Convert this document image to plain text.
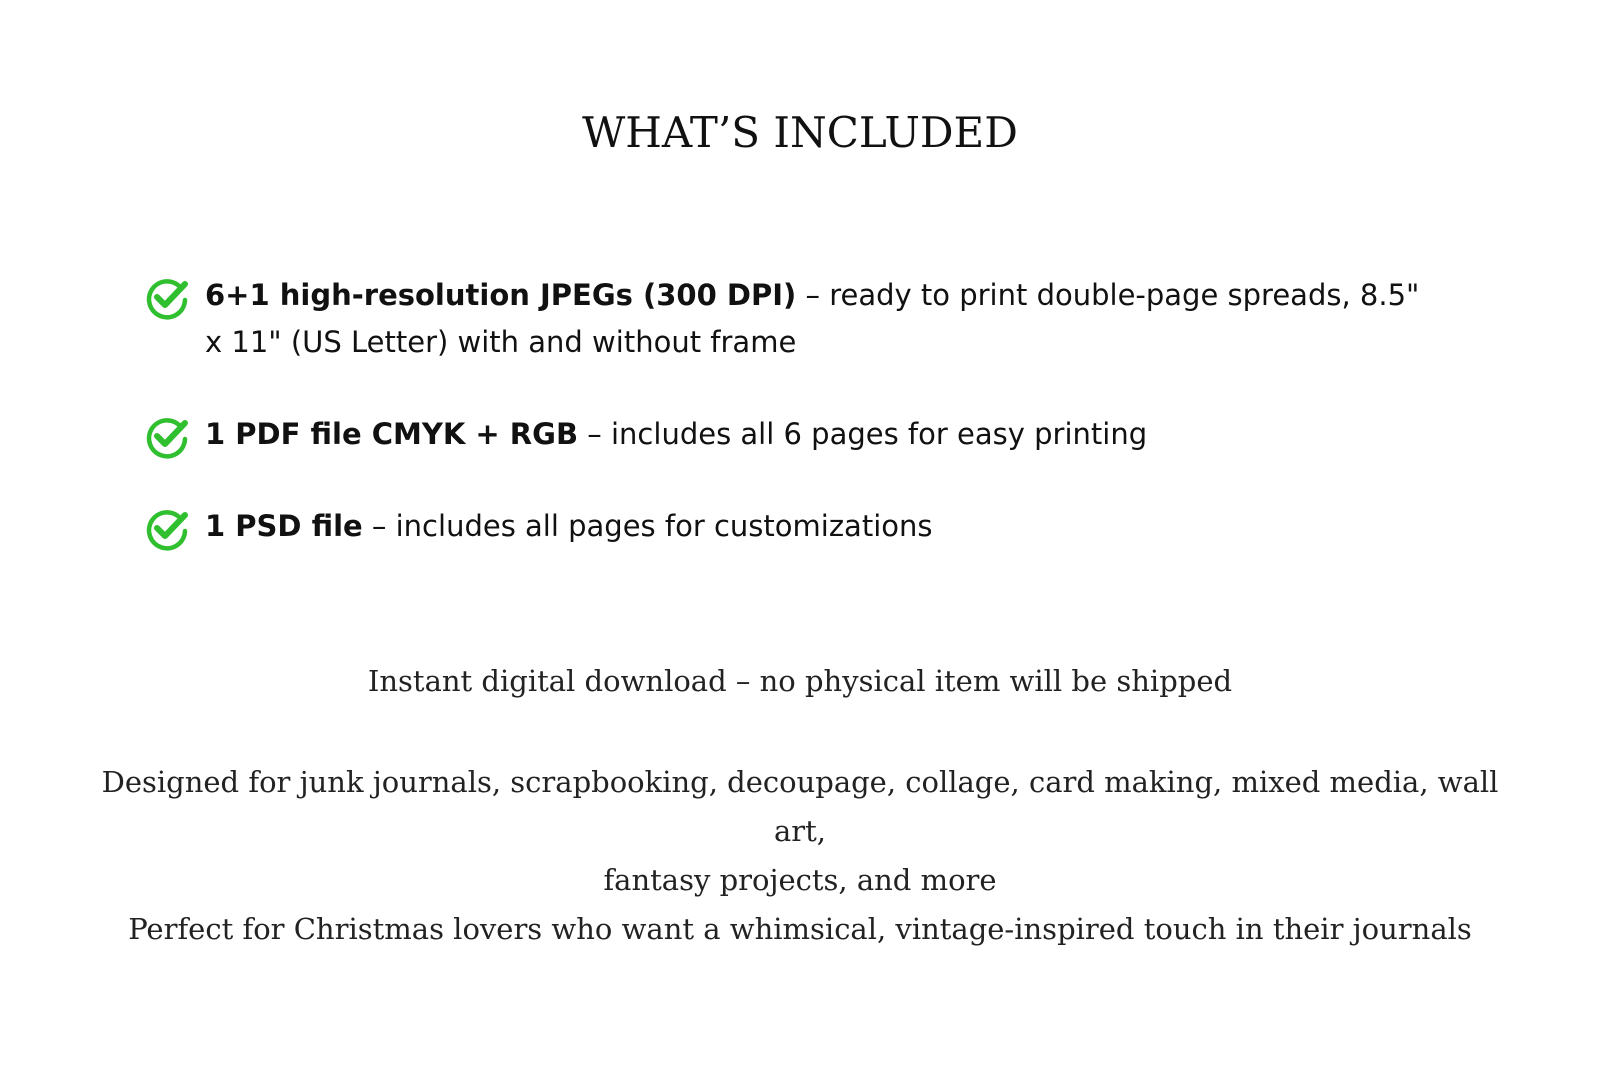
WHAT’S INCLUDED
6+1 high-resolution JPEGs (300 DPI) – ready to print double-page spreads, 8.5" x 11" (US Letter) with and without frame
1 PDF file CMYK + RGB – includes all 6 pages for easy printing
1 PSD file – includes all pages for customizations

Instant digital download – no physical item will be shipped

Designed for junk journals, scrapbooking, decoupage, collage, card making, mixed media, wall art,
fantasy projects, and more
Perfect for Christmas lovers who want a whimsical, vintage-inspired touch in their journals
